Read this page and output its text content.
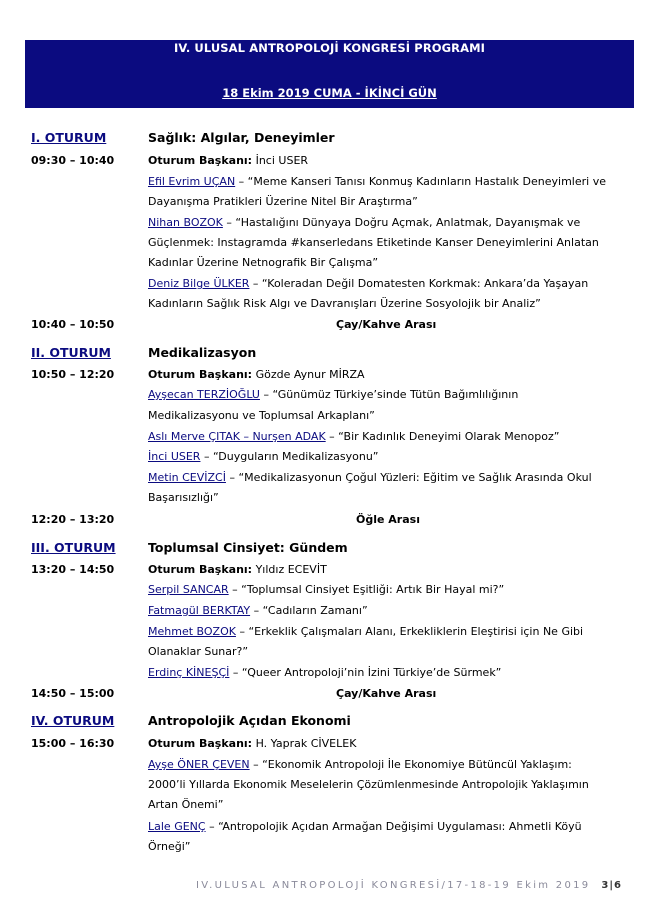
IV. ULUSAL ANTROPOLOJİ KONGRESİ PROGRAMI
18 Ekim 2019 CUMA - İKİNCİ GÜN
I. OTURUM	Sağlık: Algılar, Deneyimler
09:30 – 10:40	Oturum Başkanı: İnci USER
Efil Evrim UÇAN – “Meme Kanseri Tanısı Konmuş Kadınların Hastalık Deneyimleri ve
Dayanışma Pratikleri Üzerine Nitel Bir Araştırma”
Nihan BOZOK – “Hastalığını Dünyaya Doğru Açmak, Anlatmak, Dayanışmak ve
Güçlenmek: Instagramda #kanserledans Etiketinde Kanser Deneyimlerini Anlatan
Kadınlar Üzerine Netnografik Bir Çalışma”
Deniz Bilge ÜLKER – “Koleradan Değil Domatesten Korkmak: Ankara’da Yaşayan
Kadınların Sağlık Risk Algı ve Davranışları Üzerine Sosyolojik bir Analiz”
10:40 – 10:50	Çay/Kahve Arası
II. OTURUM	Medikalizasyon
10:50 – 12:20	Oturum Başkanı: Gözde Aynur MİRZA
Ayşecan TERZİOĞLU – “Günümüz Türkiye’sinde Tütün Bağımlılığının
Medikalizasyonu ve Toplumsal Arkaplanı”
Aslı Merve ÇITAK – Nurşen ADAK – “Bir Kadınlık Deneyimi Olarak Menopoz”
İnci USER – “Duyguların Medikalizasyonu”
Metin CEVİZCİ – “Medikalizasyonun Çoğul Yüzleri: Eğitim ve Sağlık Arasında Okul
Başarısızlığı”
12:20 – 13:20	Öğle Arası
III. OTURUM	Toplumsal Cinsiyet: Gündem
13:20 – 14:50	Oturum Başkanı: Yıldız ECEVİT
Serpil SANCAR – “Toplumsal Cinsiyet Eşitliği: Artık Bir Hayal mi?”
Fatmagül BERKTAY – “Cadıların Zamanı”
Mehmet BOZOK – “Erkeklik Çalışmaları Alanı, Erkekliklerin Eleştirisi için Ne Gibi
Olanaklar Sunar?”
Erdinç KİNEŞÇİ – “Queer Antropoloji’nin İzini Türkiye’de Sürmek”
14:50 – 15:00	Çay/Kahve Arası
IV. OTURUM	Antropolojik Açıdan Ekonomi
15:00 – 16:30	Oturum Başkanı: H. Yaprak CİVELEK
Ayşe ÖNER ÇEVEN – “Ekonomik Antropoloji İle Ekonomiye Bütüncül Yaklaşım:
2000’li Yıllarda Ekonomik Meselelerin Çözümlenmesinde Antropolojik Yaklaşımın
Artan Önemi”
Lale GENÇ – “Antropolojik Açıdan Armağan Değişimi Uygulaması: Ahmetli Köyü
Örneği”
IV.ULUSAL ANTROPOLOJİ KONGRESİ/17-18-19 Ekim 2019 3|6
